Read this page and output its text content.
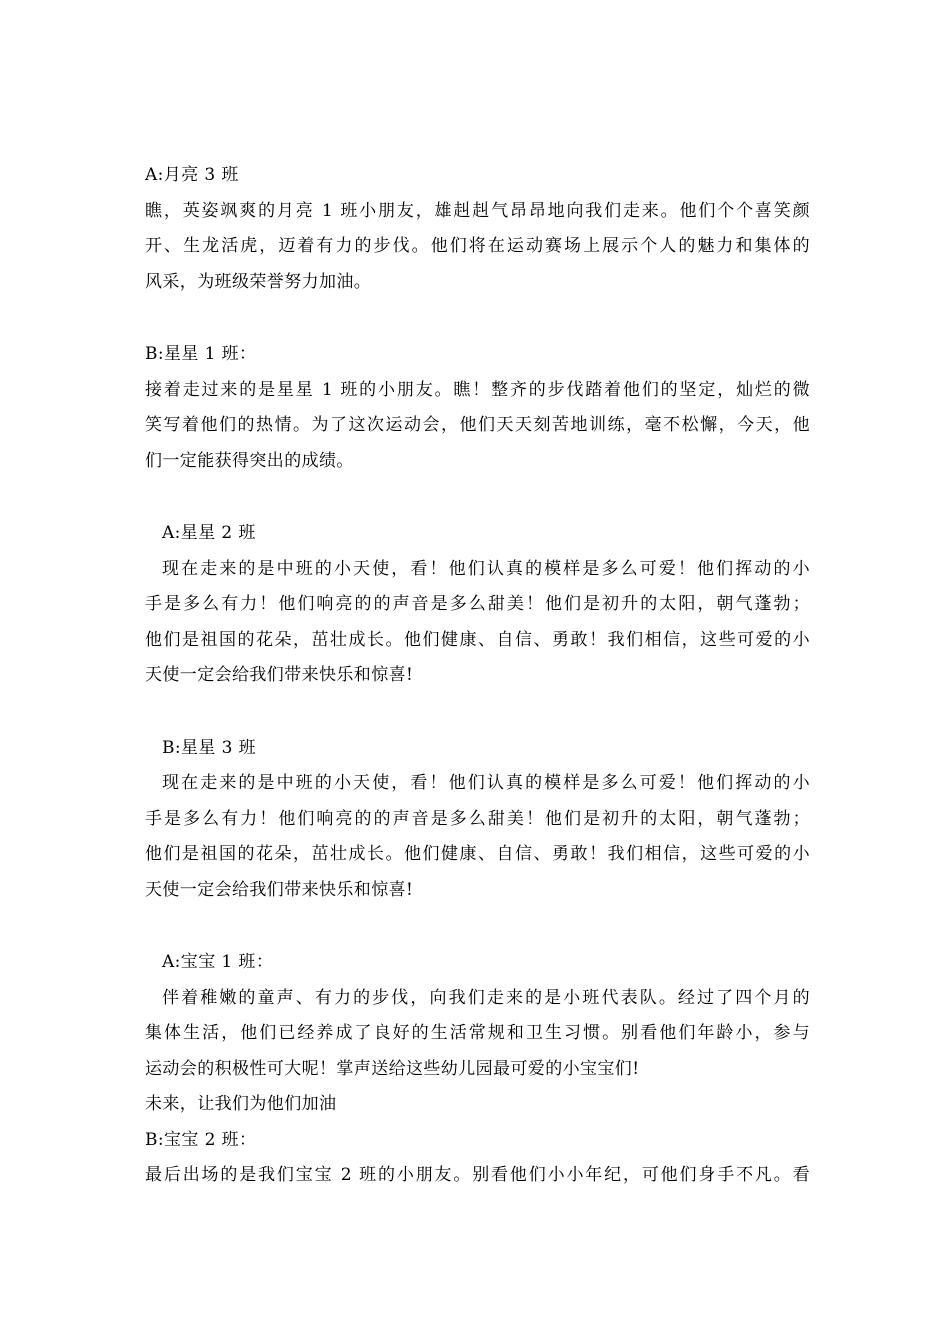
A:月亮 3 班
瞧，英姿飒爽的月亮 1 班小朋友，雄赳赳气昂昂地向我们走来。他们个个喜笑颜
开、生龙活虎，迈着有力的步伐。他们将在运动赛场上展示个人的魅力和集体的
风采，为班级荣誉努力加油。
B:星星 1 班：
接着走过来的是星星 1 班的小朋友。瞧！整齐的步伐踏着他们的坚定，灿烂的微
笑写着他们的热情。为了这次运动会，他们天天刻苦地训练，毫不松懈，今天，他
们一定能获得突出的成绩。
A:星星 2 班
现在走来的是中班的小天使，看！他们认真的模样是多么可爱！他们挥动的小
手是多么有力！他们响亮的的声音是多么甜美！他们是初升的太阳，朝气蓬勃；
他们是祖国的花朵，茁壮成长。他们健康、自信、勇敢！我们相信，这些可爱的小
天使一定会给我们带来快乐和惊喜!
B:星星 3 班
现在走来的是中班的小天使，看！他们认真的模样是多么可爱！他们挥动的小
手是多么有力！他们响亮的的声音是多么甜美！他们是初升的太阳，朝气蓬勃；
他们是祖国的花朵，茁壮成长。他们健康、自信、勇敢！我们相信，这些可爱的小
天使一定会给我们带来快乐和惊喜!
A:宝宝 1 班：
伴着稚嫩的童声、有力的步伐，向我们走来的是小班代表队。经过了四个月的
集体生活，他们已经养成了良好的生活常规和卫生习惯。别看他们年龄小，参与
运动会的积极性可大呢！掌声送给这些幼儿园最可爱的小宝宝们!
未来，让我们为他们加油
B:宝宝 2 班：
最后出场的是我们宝宝 2 班的小朋友。别看他们小小年纪，可他们身手不凡。看
